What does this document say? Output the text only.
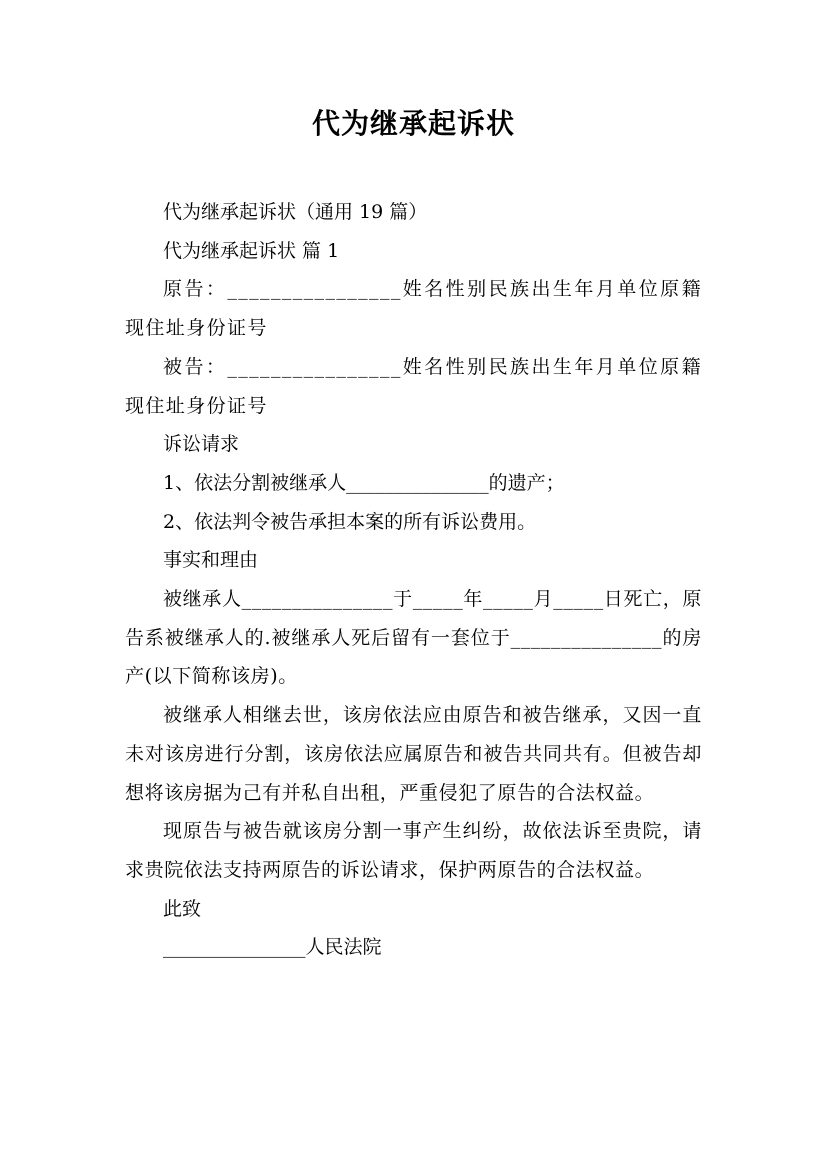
代为继承起诉状

代为继承起诉状（通用 19 篇）

代为继承起诉状 篇 1

原告：________________姓名性别民族出生年月单位原籍现住址身份证号

被告：________________姓名性别民族出生年月单位原籍现住址身份证号

诉讼请求

1、依法分割被继承人_______________的遗产；

2、依法判令被告承担本案的所有诉讼费用。

事实和理由

被继承人_______________于_____年_____月_____日死亡，原告系被继承人的.被继承人死后留有一套位于_______________的房产(以下简称该房)。

被继承人相继去世，该房依法应由原告和被告继承，又因一直未对该房进行分割，该房依法应属原告和被告共同共有。但被告却想将该房据为己有并私自出租，严重侵犯了原告的合法权益。

现原告与被告就该房分割一事产生纠纷，故依法诉至贵院，请求贵院依法支持两原告的诉讼请求，保护两原告的合法权益。

此致

_______________人民法院
